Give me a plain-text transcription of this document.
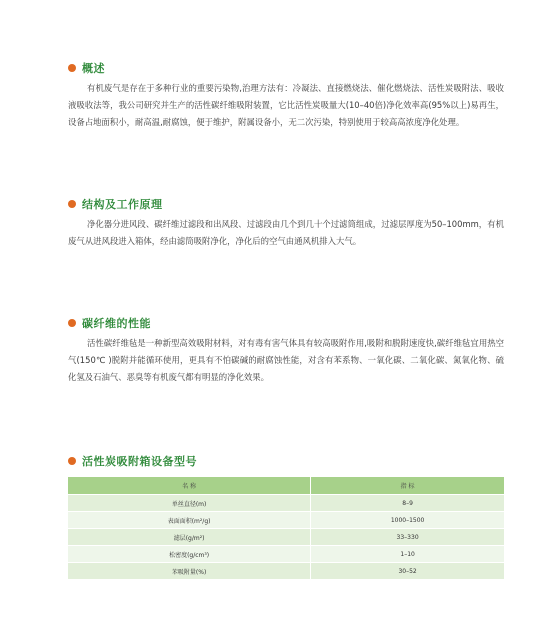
概述

有机废气是存在于多种行业的重要污染物,治理方法有：冷凝法、直接燃烧法、催化燃烧法、活性炭吸附法、吸收液吸收法等，我公司研究并生产的活性碳纤维吸附装置，它比活性炭吸量大(10–40倍)净化效率高(95%以上)易再生，设备占地面积小，耐高温,耐腐蚀，便于维护，附属设备小，无二次污染，特别使用于较高高浓度净化处理。

结构及工作原理

净化器分进风段、碳纤维过滤段和出风段、过滤段由几个到几十个过滤筒组成，过滤层厚度为50–100mm，有机废气从进风段进入箱体，经由滤筒吸附净化，净化后的空气由通风机排入大气。

碳纤维的性能

活性碳纤维毡是一种新型高效吸附材料，对有毒有害气体具有较高吸附作用,吸附和脱附速度快,碳纤维毡宜用热空气(150℃ )脱附并能循环使用，更具有不怕碳碱的耐腐蚀性能，对含有苯系物、一氧化碳、二氧化碳、氮氧化物、硫化氢及石油气、恶臭等有机废气都有明显的净化效果。

活性炭吸附箱设备型号
名 称	指 标
单丝直径(m)	8–9
表面面积(m²/g)	1000–1500
滤层(g/m²)	33–330
松密度(g/cm³)	1–10
苯吸附量(%)	30–52
